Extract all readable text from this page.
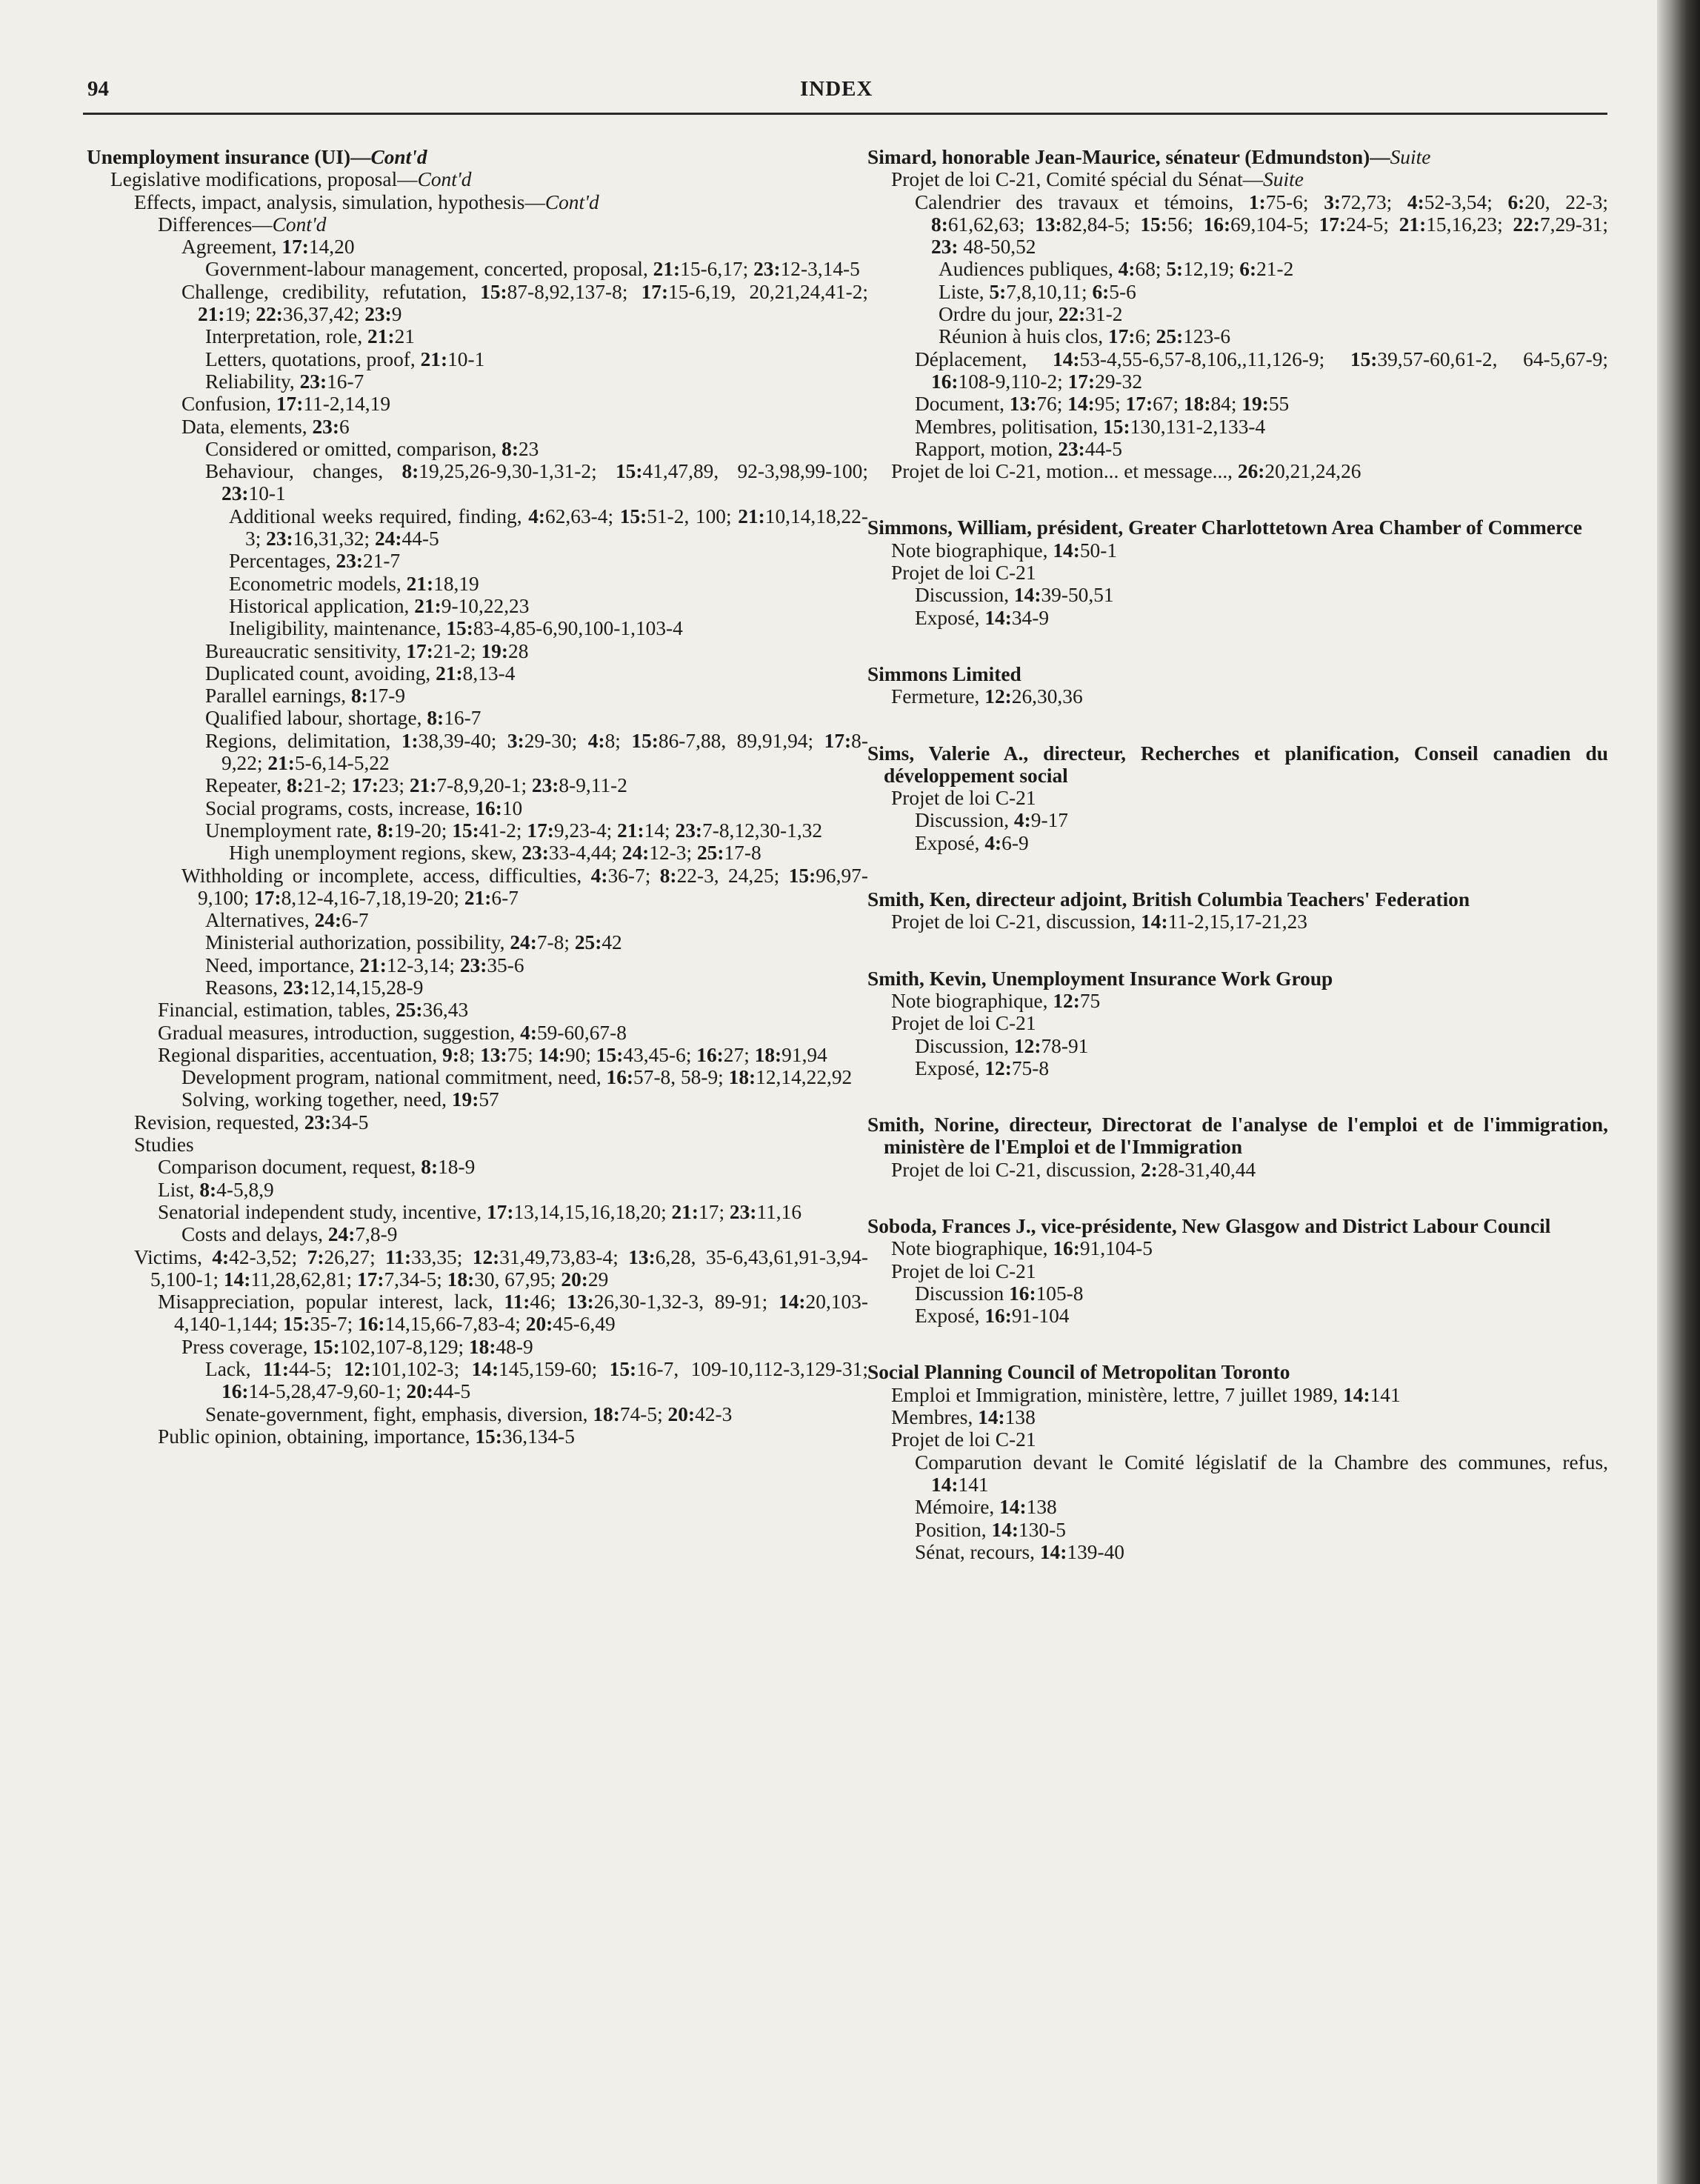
94	INDEX
Unemployment insurance (UI)—Cont'd
Legislative modifications, proposal—Cont'd
Effects, impact, analysis, simulation, hypothesis—Cont'd
Differences—Cont'd
Agreement, 17:14,20
Government-labour management, concerted, proposal, 21:15-6,17; 23:12-3,14-5
Challenge, credibility, refutation, 15:87-8,92,137-8; 17:15-6,19, 20,21,24,41-2; 21:19; 22:36,37,42; 23:9
Interpretation, role, 21:21
Letters, quotations, proof, 21:10-1
Reliability, 23:16-7
Confusion, 17:11-2,14,19
Data, elements, 23:6
Considered or omitted, comparison, 8:23
Behaviour, changes, 8:19,25,26-9,30-1,31-2; 15:41,47,89, 92-3,98,99-100; 23:10-1
Additional weeks required, finding, 4:62,63-4; 15:51-2, 100; 21:10,14,18,22-3; 23:16,31,32; 24:44-5
Percentages, 23:21-7
Econometric models, 21:18,19
Historical application, 21:9-10,22,23
Ineligibility, maintenance, 15:83-4,85-6,90,100-1,103-4
Bureaucratic sensitivity, 17:21-2; 19:28
Duplicated count, avoiding, 21:8,13-4
Parallel earnings, 8:17-9
Qualified labour, shortage, 8:16-7
Regions, delimitation, 1:38,39-40; 3:29-30; 4:8; 15:86-7,88, 89,91,94; 17:8-9,22; 21:5-6,14-5,22
Repeater, 8:21-2; 17:23; 21:7-8,9,20-1; 23:8-9,11-2
Social programs, costs, increase, 16:10
Unemployment rate, 8:19-20; 15:41-2; 17:9,23-4; 21:14; 23:7-8,12,30-1,32
High unemployment regions, skew, 23:33-4,44; 24:12-3; 25:17-8
Withholding or incomplete, access, difficulties, 4:36-7; 8:22-3, 24,25; 15:96,97-9,100; 17:8,12-4,16-7,18,19-20; 21:6-7
Alternatives, 24:6-7
Ministerial authorization, possibility, 24:7-8; 25:42
Need, importance, 21:12-3,14; 23:35-6
Reasons, 23:12,14,15,28-9
Financial, estimation, tables, 25:36,43
Gradual measures, introduction, suggestion, 4:59-60,67-8
Regional disparities, accentuation, 9:8; 13:75; 14:90; 15:43,45-6; 16:27; 18:91,94
Development program, national commitment, need, 16:57-8, 58-9; 18:12,14,22,92
Solving, working together, need, 19:57
Revision, requested, 23:34-5
Studies
Comparison document, request, 8:18-9
List, 8:4-5,8,9
Senatorial independent study, incentive, 17:13,14,15,16,18,20; 21:17; 23:11,16
Costs and delays, 24:7,8-9
Victims, 4:42-3,52; 7:26,27; 11:33,35; 12:31,49,73,83-4; 13:6,28, 35-6,43,61,91-3,94-5,100-1; 14:11,28,62,81; 17:7,34-5; 18:30, 67,95; 20:29
Misappreciation, popular interest, lack, 11:46; 13:26,30-1,32-3, 89-91; 14:20,103-4,140-1,144; 15:35-7; 16:14,15,66-7,83-4; 20:45-6,49
Press coverage, 15:102,107-8,129; 18:48-9
Lack, 11:44-5; 12:101,102-3; 14:145,159-60; 15:16-7, 109-10,112-3,129-31; 16:14-5,28,47-9,60-1; 20:44-5
Senate-government, fight, emphasis, diversion, 18:74-5; 20:42-3
Public opinion, obtaining, importance, 15:36,134-5
Simard, honorable Jean-Maurice, sénateur (Edmundston)—Suite
Projet de loi C-21, Comité spécial du Sénat—Suite
Calendrier des travaux et témoins, 1:75-6; 3:72,73; 4:52-3,54; 6:20, 22-3; 8:61,62,63; 13:82,84-5; 15:56; 16:69,104-5; 17:24-5; 21:15,16,23; 22:7,29-31; 23: 48-50,52
Audiences publiques, 4:68; 5:12,19; 6:21-2
Liste, 5:7,8,10,11; 6:5-6
Ordre du jour, 22:31-2
Réunion à huis clos, 17:6; 25:123-6
Déplacement, 14:53-4,55-6,57-8,106,,11,126-9; 15:39,57-60,61-2, 64-5,67-9; 16:108-9,110-2; 17:29-32
Document, 13:76; 14:95; 17:67; 18:84; 19:55
Membres, politisation, 15:130,131-2,133-4
Rapport, motion, 23:44-5
Projet de loi C-21, motion... et message..., 26:20,21,24,26
Simmons, William, président, Greater Charlottetown Area Chamber of Commerce
Note biographique, 14:50-1
Projet de loi C-21
Discussion, 14:39-50,51
Exposé, 14:34-9
Simmons Limited
Fermeture, 12:26,30,36
Sims, Valerie A., directeur, Recherches et planification, Conseil canadien du développement social
Projet de loi C-21
Discussion, 4:9-17
Exposé, 4:6-9
Smith, Ken, directeur adjoint, British Columbia Teachers' Federation
Projet de loi C-21, discussion, 14:11-2,15,17-21,23
Smith, Kevin, Unemployment Insurance Work Group
Note biographique, 12:75
Projet de loi C-21
Discussion, 12:78-91
Exposé, 12:75-8
Smith, Norine, directeur, Directorat de l'analyse de l'emploi et de l'immigration, ministère de l'Emploi et de l'Immigration
Projet de loi C-21, discussion, 2:28-31,40,44
Soboda, Frances J., vice-présidente, New Glasgow and District Labour Council
Note biographique, 16:91,104-5
Projet de loi C-21
Discussion 16:105-8
Exposé, 16:91-104
Social Planning Council of Metropolitan Toronto
Emploi et Immigration, ministère, lettre, 7 juillet 1989, 14:141
Membres, 14:138
Projet de loi C-21
Comparution devant le Comité législatif de la Chambre des communes, refus, 14:141
Mémoire, 14:138
Position, 14:130-5
Sénat, recours, 14:139-40
